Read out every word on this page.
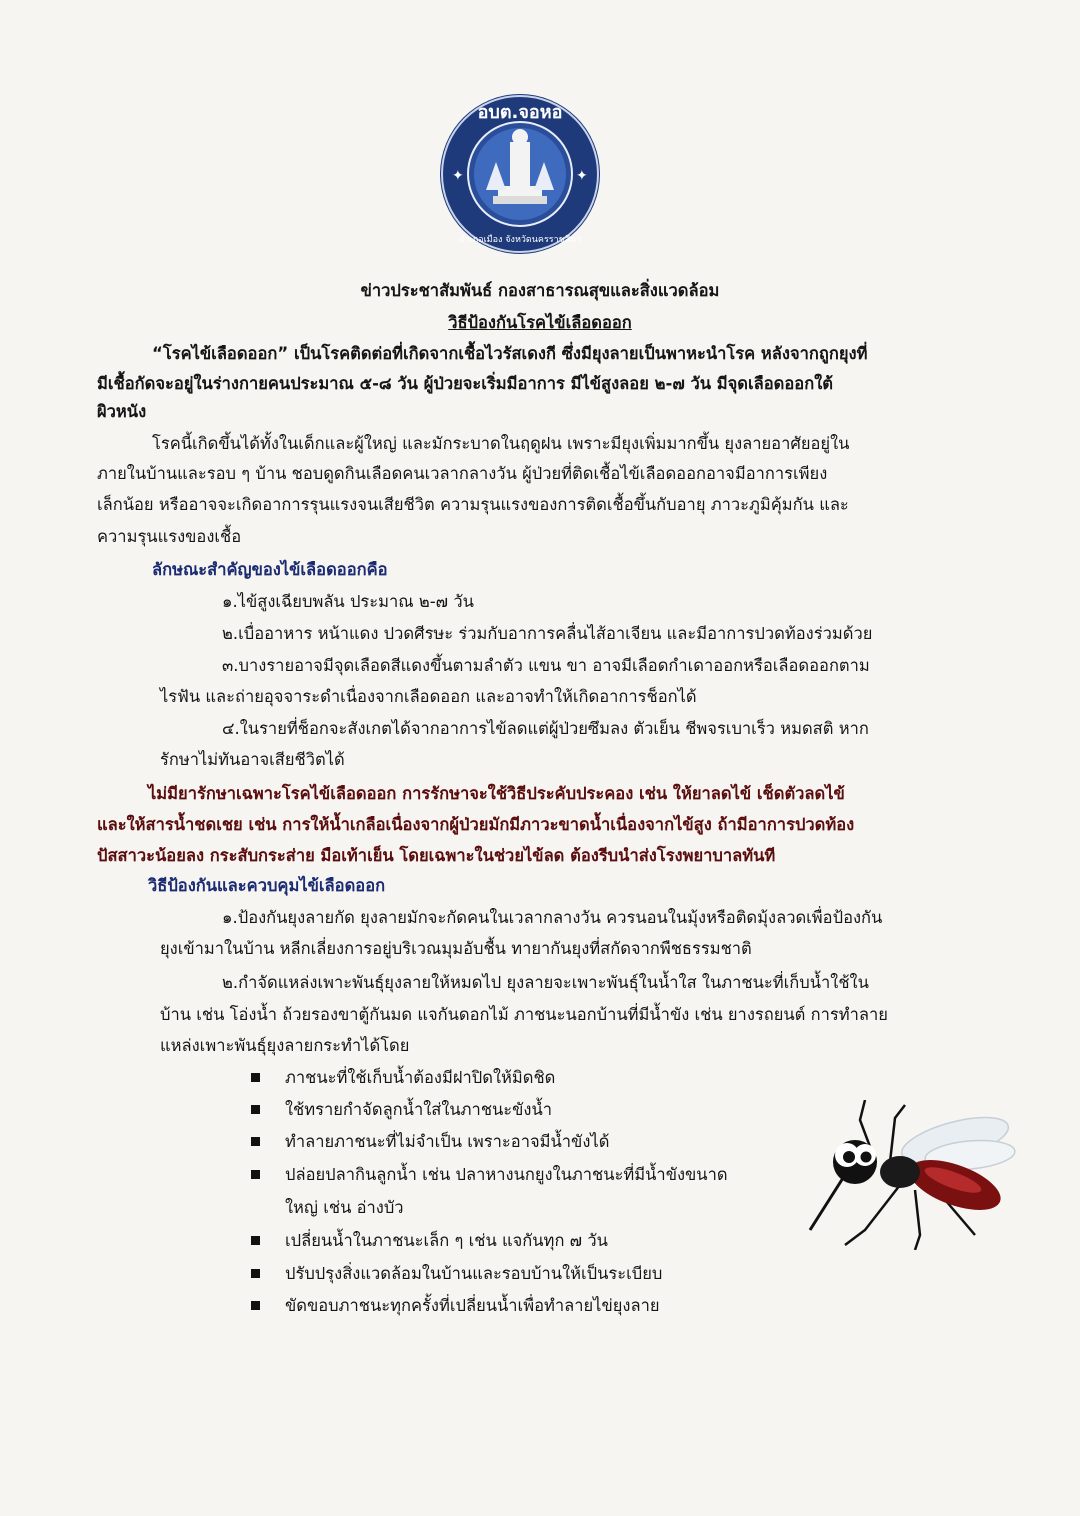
✦	✦
อบต.จอหอ
อำเภอเมือง จังหวัดนครราชสีมา
ข่าวประชาสัมพันธ์ กองสาธารณสุขและสิ่งแวดล้อม
วิธีป้องกันโรคไข้เลือดออก
“โรคไข้เลือดออก” เป็นโรคติดต่อที่เกิดจากเชื้อไวรัสเดงกี ซึ่งมียุงลายเป็นพาหะนำโรค หลังจากถูกยุงที่
มีเชื้อกัดจะอยู่ในร่างกายคนประมาณ ๕-๘ วัน ผู้ป่วยจะเริ่มมีอาการ มีไข้สูงลอย ๒-๗ วัน มีจุดเลือดออกใต้
ผิวหนัง
โรคนี้เกิดขึ้นได้ทั้งในเด็กและผู้ใหญ่ และมักระบาดในฤดูฝน เพราะมียุงเพิ่มมากขึ้น ยุงลายอาศัยอยู่ใน
ภายในบ้านและรอบ ๆ บ้าน ชอบดูดกินเลือดคนเวลากลางวัน ผู้ป่วยที่ติดเชื้อไข้เลือดออกอาจมีอาการเพียง
เล็กน้อย หรืออาจจะเกิดอาการรุนแรงจนเสียชีวิต ความรุนแรงของการติดเชื้อขึ้นกับอายุ ภาวะภูมิคุ้มกัน และ
ความรุนแรงของเชื้อ
ลักษณะสำคัญของไข้เลือดออกคือ
๑.ไข้สูงเฉียบพลัน ประมาณ ๒-๗ วัน
๒.เบื่ออาหาร หน้าแดง ปวดศีรษะ ร่วมกับอาการคลื่นไส้อาเจียน และมีอาการปวดท้องร่วมด้วย
๓.บางรายอาจมีจุดเลือดสีแดงขึ้นตามลำตัว แขน ขา อาจมีเลือดกำเดาออกหรือเลือดออกตาม
ไรฟัน และถ่ายอุจจาระดำเนื่องจากเลือดออก และอาจทำให้เกิดอาการช็อกได้
๔.ในรายที่ช็อกจะสังเกตได้จากอาการไข้ลดแต่ผู้ป่วยซึมลง ตัวเย็น ชีพจรเบาเร็ว หมดสติ หาก
รักษาไม่ทันอาจเสียชีวิตได้
ไม่มียารักษาเฉพาะโรคไข้เลือดออก การรักษาจะใช้วิธีประคับประคอง เช่น ให้ยาลดไข้ เช็ดตัวลดไข้
และให้สารน้ำชดเชย เช่น การให้น้ำเกลือเนื่องจากผู้ป่วยมักมีภาวะขาดน้ำเนื่องจากไข้สูง ถ้ามีอาการปวดท้อง
ปัสสาวะน้อยลง กระสับกระส่าย มือเท้าเย็น โดยเฉพาะในช่วยไข้ลด ต้องรีบนำส่งโรงพยาบาลทันที
วิธีป้องกันและควบคุมไข้เลือดออก
๑.ป้องกันยุงลายกัด ยุงลายมักจะกัดคนในเวลากลางวัน ควรนอนในมุ้งหรือติดมุ้งลวดเพื่อป้องกัน
ยุงเข้ามาในบ้าน หลีกเลี่ยงการอยู่บริเวณมุมอับชื้น ทายากันยุงที่สกัดจากพืชธรรมชาติ
๒.กำจัดแหล่งเพาะพันธุ์ยุงลายให้หมดไป ยุงลายจะเพาะพันธุ์ในน้ำใส ในภาชนะที่เก็บน้ำใช้ใน
บ้าน เช่น โอ่งน้ำ ถ้วยรองขาตู้กันมด แจกันดอกไม้ ภาชนะนอกบ้านที่มีน้ำขัง เช่น ยางรถยนต์ การทำลาย
แหล่งเพาะพันธุ์ยุงลายกระทำได้โดย
ภาชนะที่ใช้เก็บน้ำต้องมีฝาปิดให้มิดชิด
ใช้ทรายกำจัดลูกน้ำใส่ในภาชนะขังน้ำ
ทำลายภาชนะที่ไม่จำเป็น เพราะอาจมีน้ำขังได้
ปล่อยปลากินลูกน้ำ เช่น ปลาหางนกยูงในภาชนะที่มีน้ำขังขนาด
ใหญ่ เช่น อ่างบัว
เปลี่ยนน้ำในภาชนะเล็ก ๆ เช่น แจกันทุก ๗ วัน
ปรับปรุงสิ่งแวดล้อมในบ้านและรอบบ้านให้เป็นระเบียบ
ขัดขอบภาชนะทุกครั้งที่เปลี่ยนน้ำเพื่อทำลายไข่ยุงลาย
